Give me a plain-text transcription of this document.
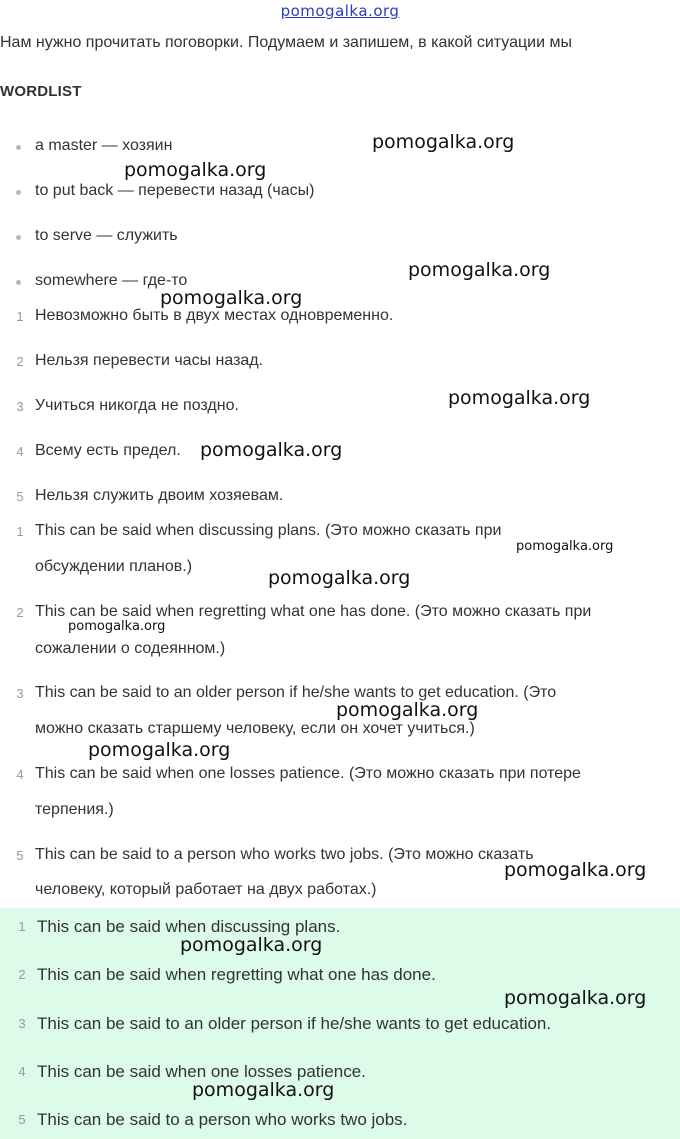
pomogalka.org
Нам нужно прочитать поговорки. Подумаем и запишем, в какой ситуации мы
WORDLIST
a master — хозяин
to put back — перевести назад (часы)
to serve — служить
somewhere — где-то
1 Невозможно быть в двух местах одновременно.
2 Нельзя перевести часы назад.
3 Учиться никогда не поздно.
4 Всему есть предел.
5 Нельзя служить двоим хозяевам.
1 This can be said when discussing plans. (Это можно сказать при
обсуждении планов.)
2 This can be said when regretting what one has done. (Это можно сказать при
сожалении о содеянном.)
3 This can be said to an older person if he/she wants to get education. (Это
можно сказать старшему человеку, если он хочет учиться.)
4 This can be said when one losses patience. (Это можно сказать при потере
терпения.)
5 This can be said to a person who works two jobs. (Это можно сказать
человеку, который работает на двух работах.)
1 This can be said when discussing plans.
2 This can be said when regretting what one has done.
3 This can be said to an older person if he/she wants to get education.
4 This can be said when one losses patience.
5 This can be said to a person who works two jobs.
pomogalka.org
pomogalka.org
pomogalka.org
pomogalka.org
pomogalka.org
pomogalka.org
pomogalka.org
pomogalka.org
pomogalka.org
pomogalka.org
pomogalka.org
pomogalka.org
pomogalka.org
pomogalka.org
pomogalka.org
